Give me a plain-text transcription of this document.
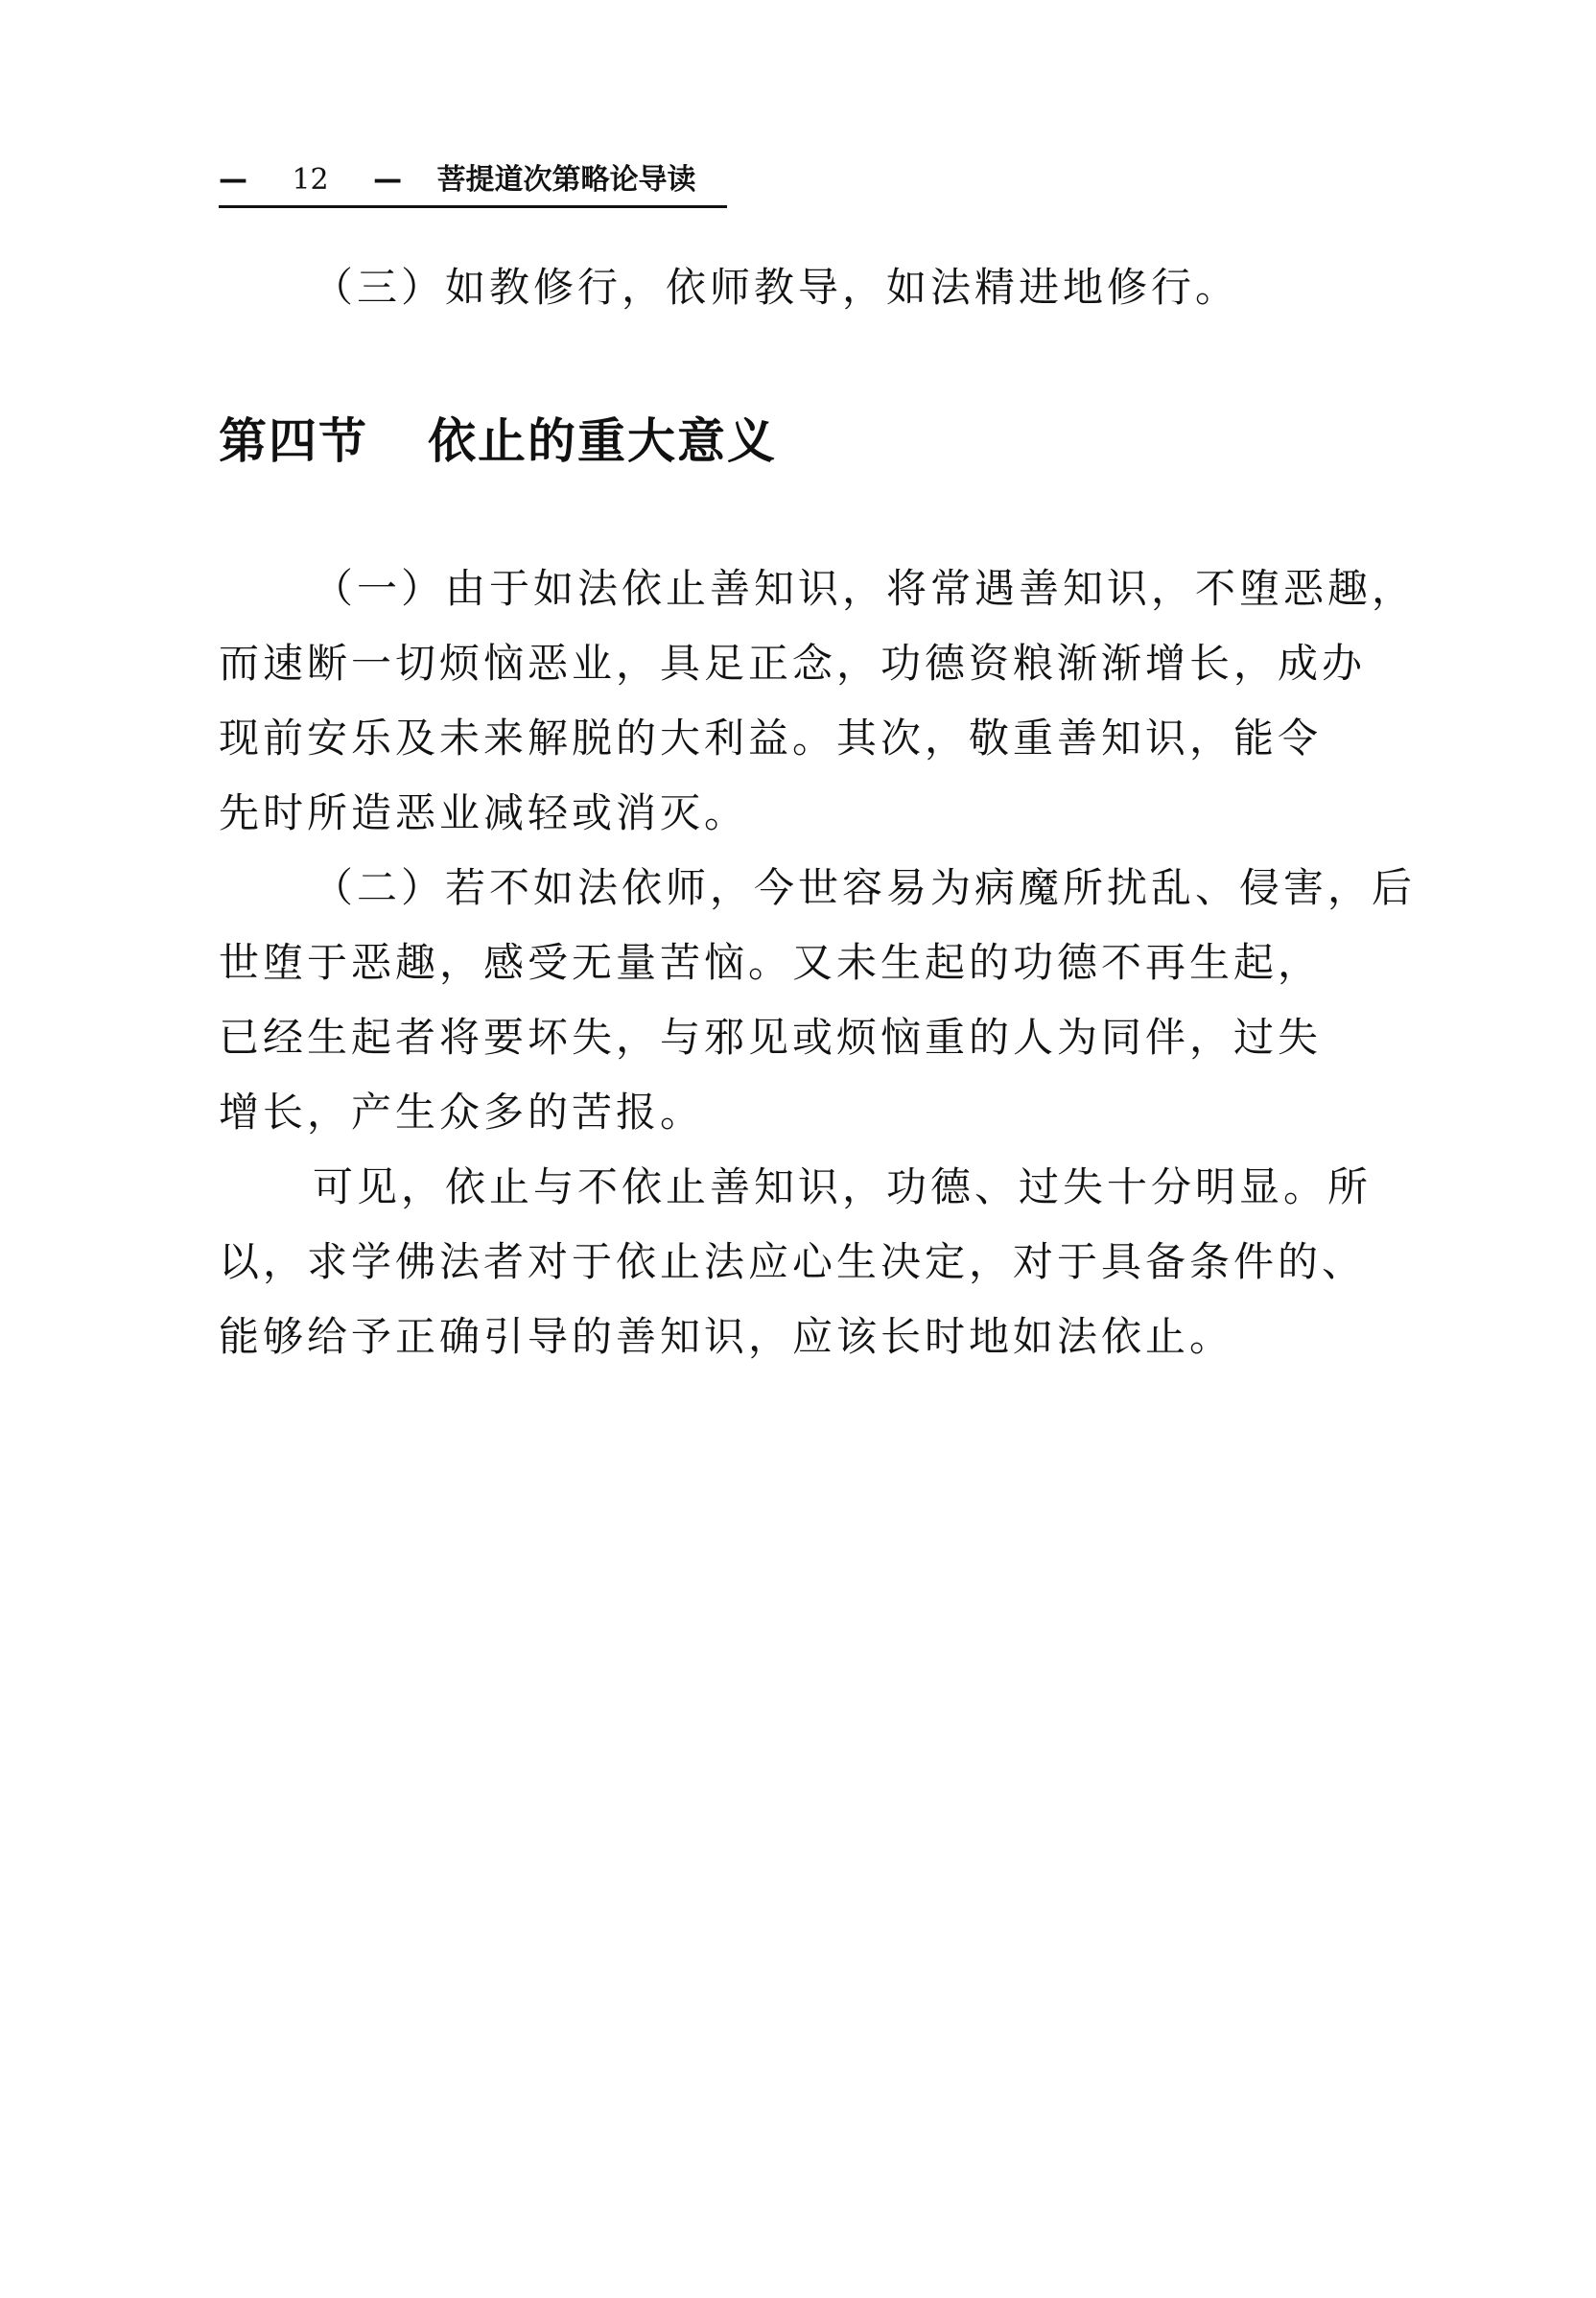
— 12 — 菩提道次第略论导读
（三）如教修行，依师教导，如法精进地修行。
第四节 依止的重大意义
（一）由于如法依止善知识，将常遇善知识，不堕恶趣，
而速断一切烦恼恶业，具足正念，功德资粮渐渐增长，成办
现前安乐及未来解脱的大利益。其次，敬重善知识，能令
先时所造恶业减轻或消灭。
（二）若不如法依师，今世容易为病魔所扰乱、侵害，后
世堕于恶趣，感受无量苦恼。又未生起的功德不再生起，
已经生起者将要坏失，与邪见或烦恼重的人为同伴，过失
增长，产生众多的苦报。
可见，依止与不依止善知识，功德、过失十分明显。所
以，求学佛法者对于依止法应心生决定，对于具备条件的、
能够给予正确引导的善知识，应该长时地如法依止。
